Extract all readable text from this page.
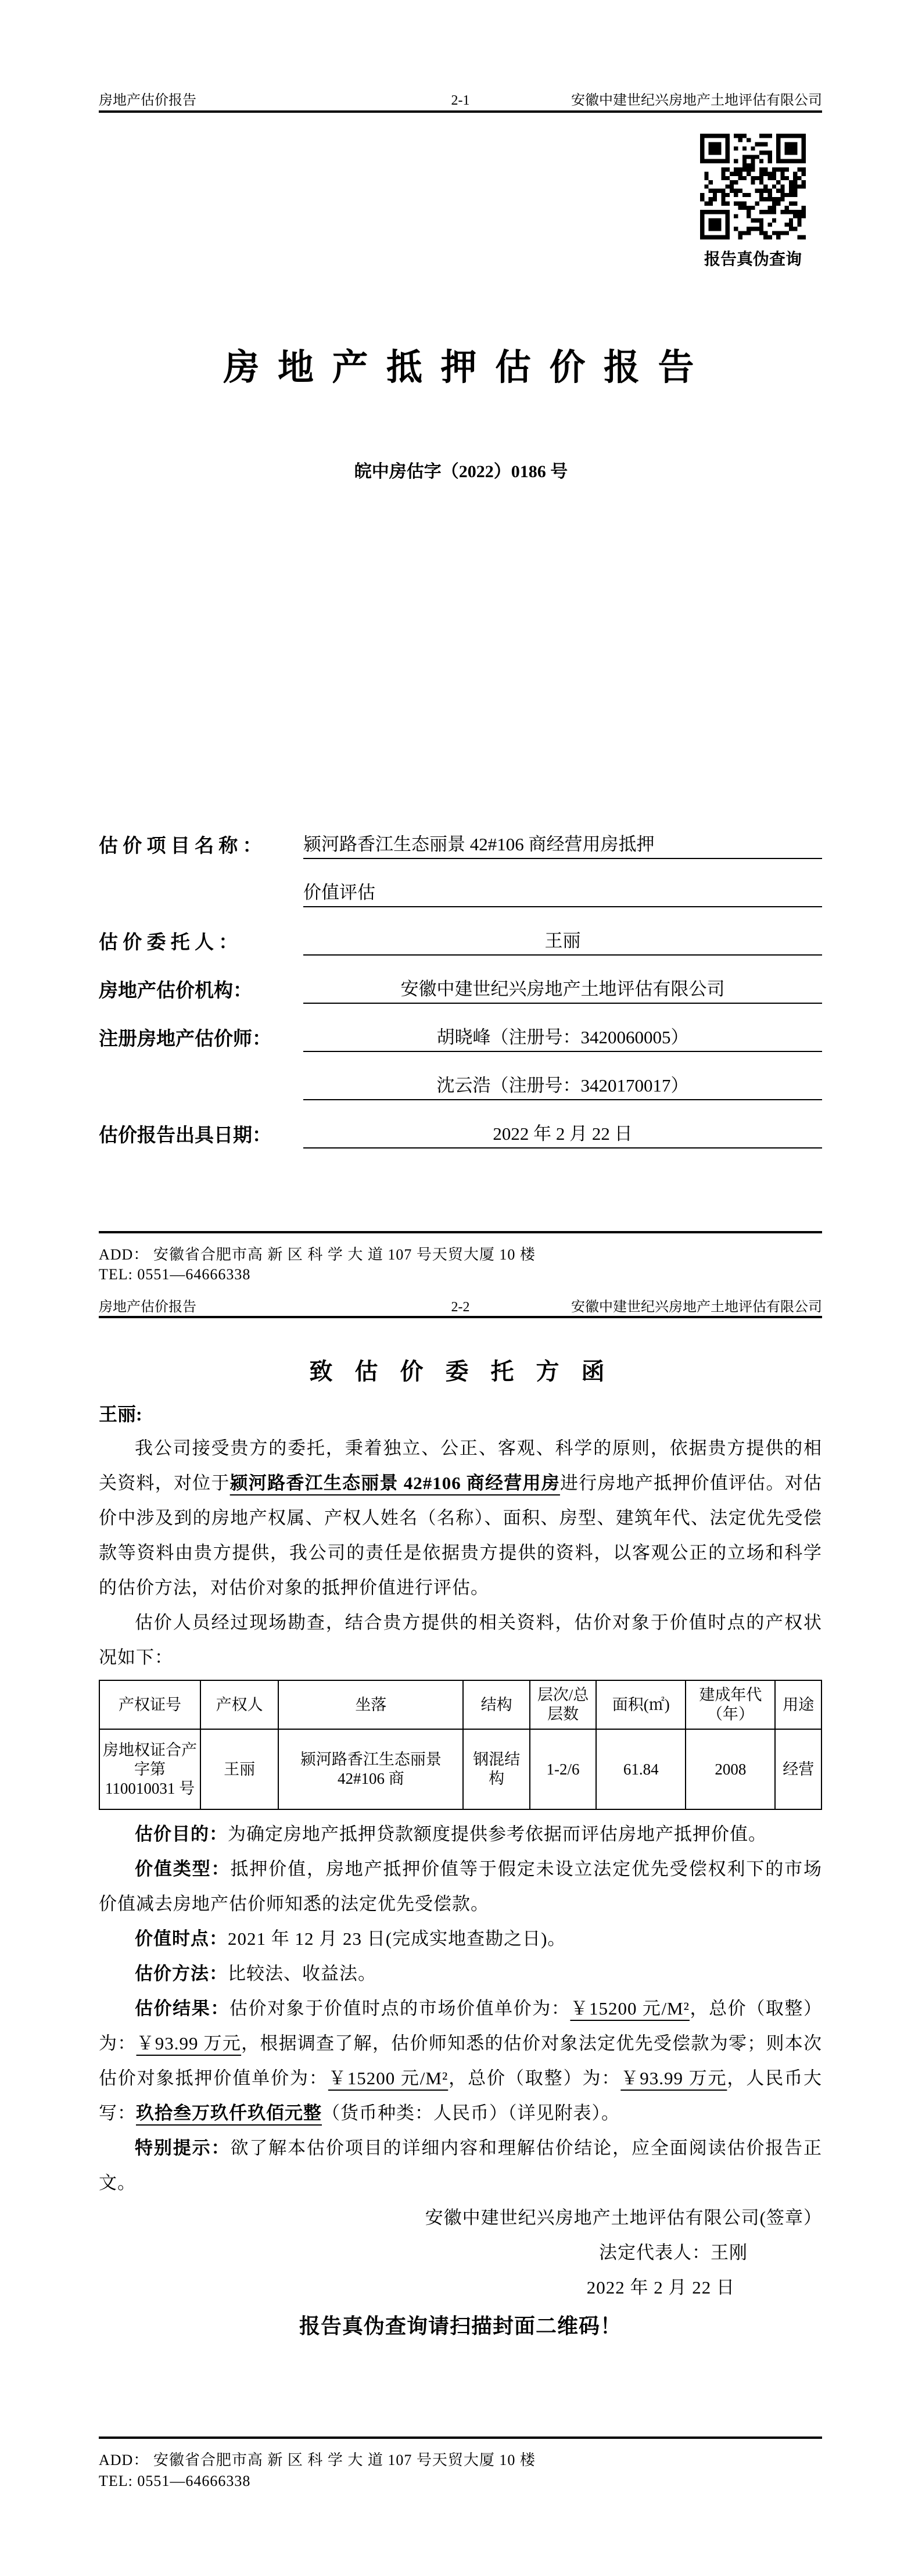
房地产估价报告	2-1	安徽中建世纪兴房地产土地评估有限公司
报告真伪查询
房 地 产 抵 押 估 价 报 告
皖中房估字（2022）0186 号
估 价 项 目 名 称 ：	颍河路香江生态丽景 42#106 商经营用房抵押
价值评估
估 价 委 托 人 ：	王丽
房地产估价机构：	安徽中建世纪兴房地产土地评估有限公司
注册房地产估价师：	胡晓峰（注册号：3420060005）
沈云浩（注册号：3420170017）
估价报告出具日期：	2022 年 2 月 22 日
ADD： 安徽省合肥市高 新 区 科 学 大 道 107 号天贸大厦 10 楼
TEL: 0551—64666338
房地产估价报告	2-2	安徽中建世纪兴房地产土地评估有限公司
致 估 价 委 托 方 函
王丽:

我公司接受贵方的委托，秉着独立、公正、客观、科学的原则，依据贵方提供的相关资料，对位于颍河路香江生态丽景 42#106 商经营用房进行房地产抵押价值评估。对估价中涉及到的房地产权属、产权人姓名（名称）、面积、房型、建筑年代、法定优先受偿款等资料由贵方提供，我公司的责任是依据贵方提供的资料，以客观公正的立场和科学的估价方法，对估价对象的抵押价值进行评估。

估价人员经过现场勘查，结合贵方提供的相关资料，估价对象于价值时点的产权状况如下：

产权证号	产权人	坐落	结构	层次/总层数	面积(㎡)	建成年代（年）	用途
房地权证合产字第 110010031 号	王丽	颍河路香江生态丽景 42#106 商	钢混结构	1-2/6	61.84	2008	经营

估价目的：为确定房地产抵押贷款额度提供参考依据而评估房地产抵押价值。

价值类型：抵押价值，房地产抵押价值等于假定未设立法定优先受偿权利下的市场价值减去房地产估价师知悉的法定优先受偿款。

价值时点：2021 年 12 月 23 日(完成实地查勘之日)。

估价方法：比较法、收益法。

估价结果：估价对象于价值时点的市场价值单价为：￥15200 元/M²，总价（取整）为：￥93.99 万元，根据调查了解，估价师知悉的估价对象法定优先受偿款为零；则本次估价对象抵押价值单价为：￥15200 元/M²，总价（取整）为：￥93.99 万元，人民币大写：玖拾叁万玖仟玖佰元整（货币种类：人民币）（详见附表）。

特别提示：欲了解本估价项目的详细内容和理解估价结论，应全面阅读估价报告正文。

安徽中建世纪兴房地产土地评估有限公司(签章）
法定代表人：王刚
2022 年 2 月 22 日
报告真伪查询请扫描封面二维码！
ADD： 安徽省合肥市高 新 区 科 学 大 道 107 号天贸大厦 10 楼
TEL: 0551—64666338
